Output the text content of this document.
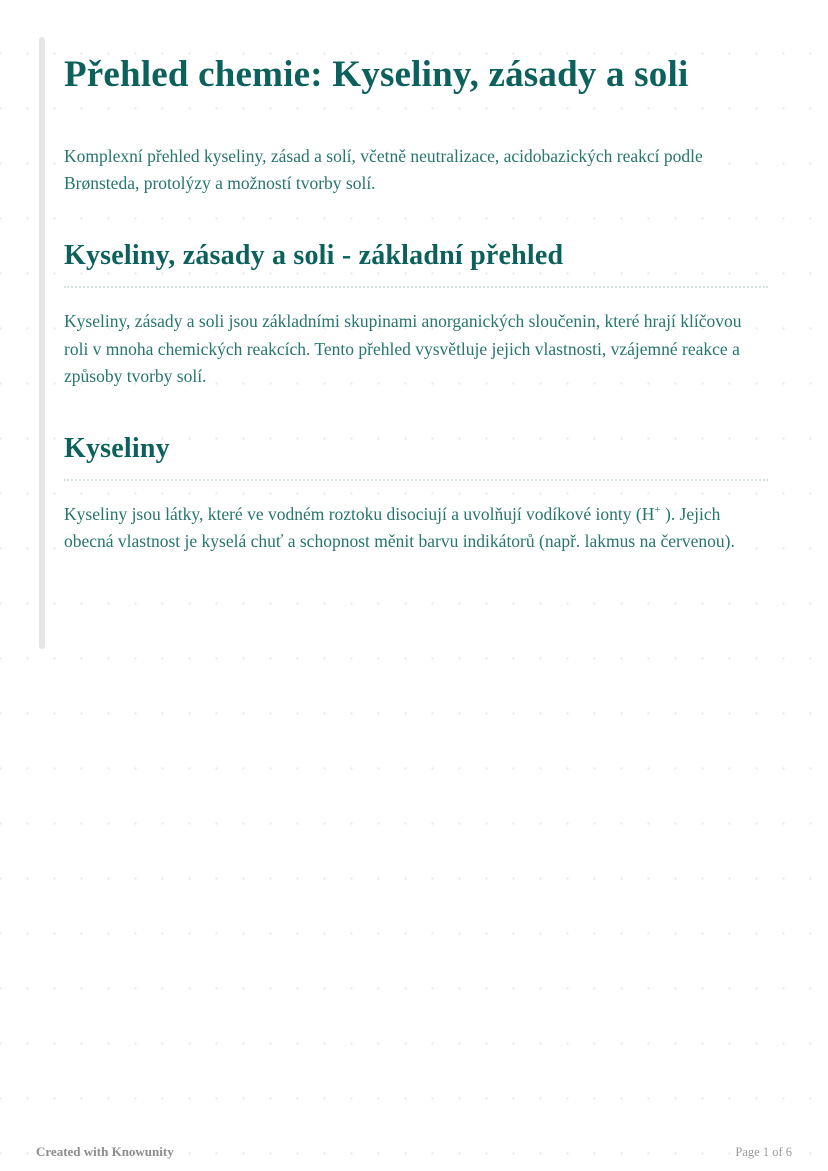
Přehled chemie: Kyseliny, zásady a soli

Komplexní přehled kyseliny, zásad a solí, včetně neutralizace, acidobazických reakcí podle Brønsteda, protolýzy a možností tvorby solí.

Kyseliny, zásady a soli - základní přehled

Kyseliny, zásady a soli jsou základními skupinami anorganických sloučenin, které hrají klíčovou roli v mnoha chemických reakcích. Tento přehled vysvětluje jejich vlastnosti, vzájemné reakce a způsoby tvorby solí.

Kyseliny

Kyseliny jsou látky, které ve vodném roztoku disociují a uvolňují vodíkové ionty (H+ ). Jejich obecná vlastnost je kyselá chuť a schopnost měnit barvu indikátorů (např. lakmus na červenou).

Created with Knowunity	Page 1 of 6
